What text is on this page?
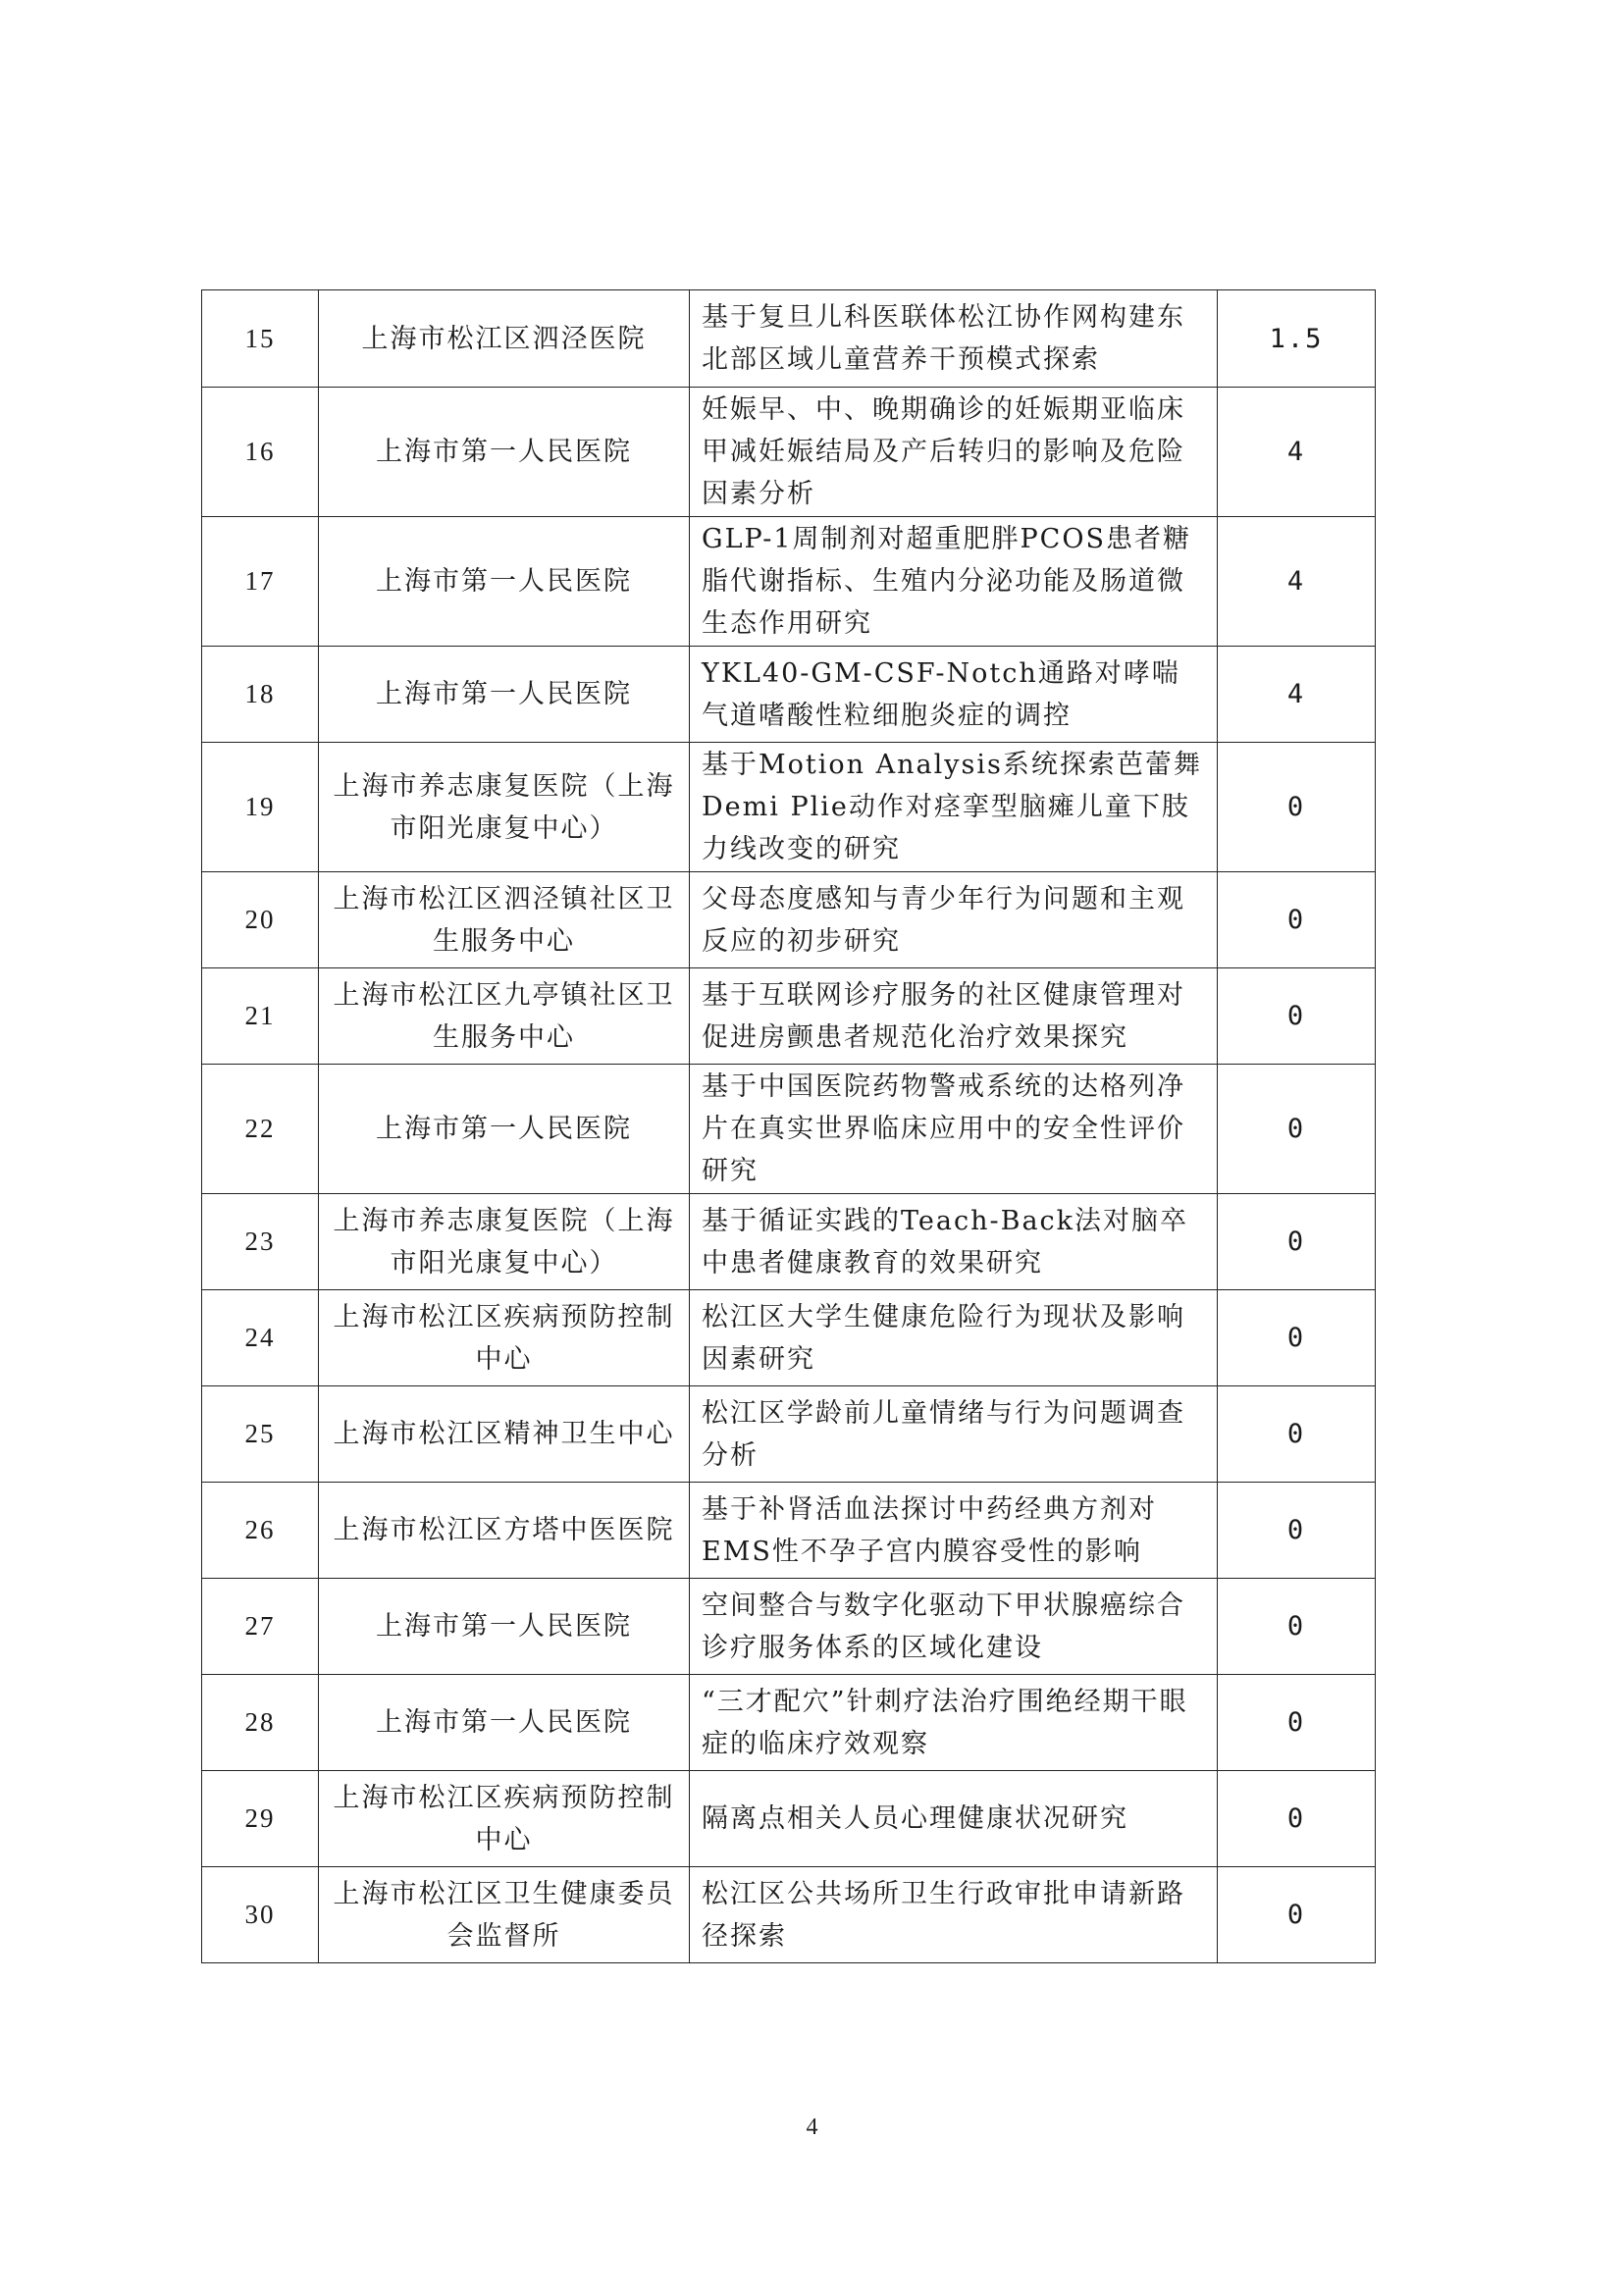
15	上海市松江区泗泾医院	基于复旦儿科医联体松江协作网构建东北部区域儿童营养干预模式探索	1.5
16	上海市第一人民医院	妊娠早、中、晚期确诊的妊娠期亚临床甲减妊娠结局及产后转归的影响及危险因素分析	4
17	上海市第一人民医院	GLP-1周制剂对超重肥胖PCOS患者糖脂代谢指标、生殖内分泌功能及肠道微生态作用研究	4
18	上海市第一人民医院	YKL40-GM-CSF-Notch通路对哮喘气道嗜酸性粒细胞炎症的调控	4
19	上海市养志康复医院（上海市阳光康复中心）	基于Motion Analysis系统探索芭蕾舞Demi Plie动作对痉挛型脑瘫儿童下肢力线改变的研究	0
20	上海市松江区泗泾镇社区卫生服务中心	父母态度感知与青少年行为问题和主观反应的初步研究	0
21	上海市松江区九亭镇社区卫生服务中心	基于互联网诊疗服务的社区健康管理对促进房颤患者规范化治疗效果探究	0
22	上海市第一人民医院	基于中国医院药物警戒系统的达格列净片在真实世界临床应用中的安全性评价研究	0
23	上海市养志康复医院（上海市阳光康复中心）	基于循证实践的Teach-Back法对脑卒中患者健康教育的效果研究	0
24	上海市松江区疾病预防控制中心	松江区大学生健康危险行为现状及影响因素研究	0
25	上海市松江区精神卫生中心	松江区学龄前儿童情绪与行为问题调查分析	0
26	上海市松江区方塔中医医院	基于补肾活血法探讨中药经典方剂对EMS性不孕子宫内膜容受性的影响	0
27	上海市第一人民医院	空间整合与数字化驱动下甲状腺癌综合诊疗服务体系的区域化建设	0
28	上海市第一人民医院	“三才配穴”针刺疗法治疗围绝经期干眼症的临床疗效观察	0
29	上海市松江区疾病预防控制中心	隔离点相关人员心理健康状况研究	0
30	上海市松江区卫生健康委员会监督所	松江区公共场所卫生行政审批申请新路径探索	0
4
